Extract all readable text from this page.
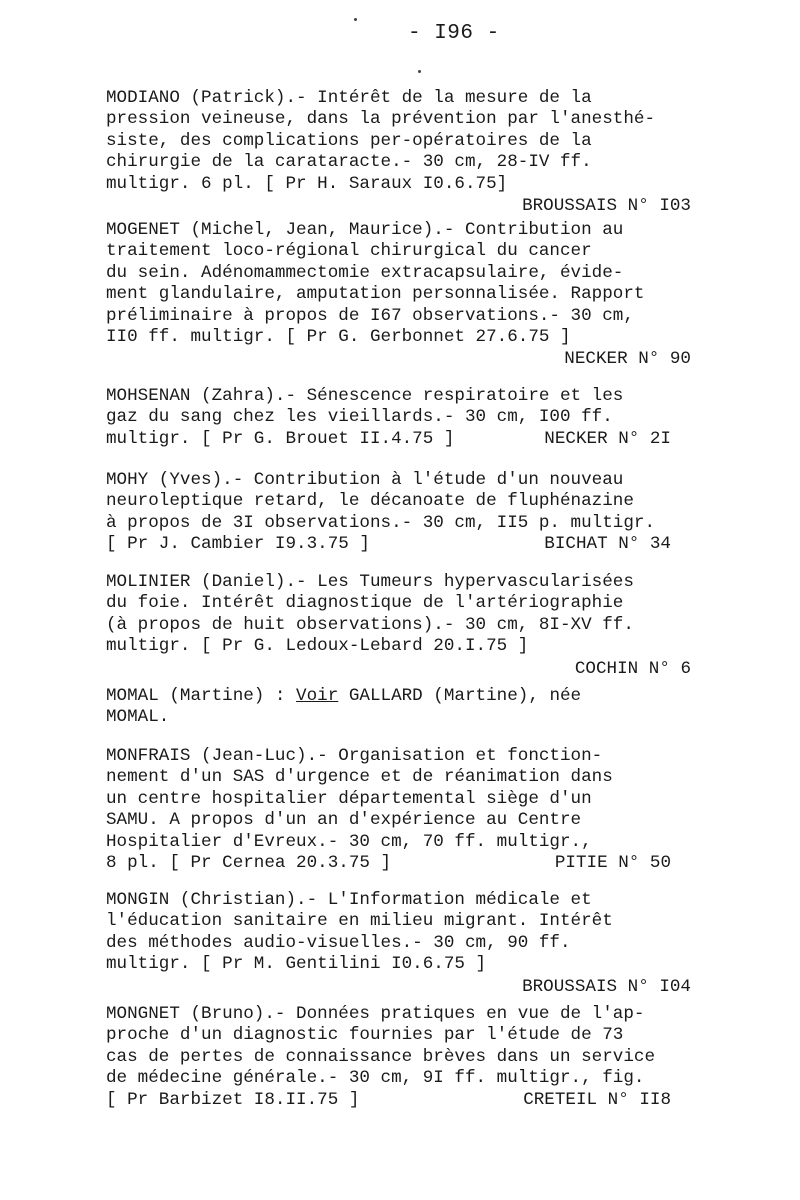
- I96 -
MODIANO (Patrick).- Intérêt de la mesure de la
pression veineuse, dans la prévention par l'anesthé-
siste, des complications per-opératoires de la
chirurgie de la carataracte.- 30 cm, 28-IV ff.
multigr. 6 pl. [ Pr H. Saraux I0.6.75]
BROUSSAIS N° I03
MOGENET (Michel, Jean, Maurice).- Contribution au
traitement loco-régional chirurgical du cancer
du sein. Adénomammectomie extracapsulaire, évide-
ment glandulaire, amputation personnalisée. Rapport
préliminaire à propos de I67 observations.- 30 cm,
II0 ff. multigr. [ Pr G. Gerbonnet 27.6.75 ]
NECKER N° 90
MOHSENAN (Zahra).- Sénescence respiratoire et les
gaz du sang chez les vieillards.- 30 cm, I00 ff.
multigr. [ Pr G. Brouet II.4.75 ]	NECKER N° 2I
MOHY (Yves).- Contribution à l'étude d'un nouveau
neuroleptique retard, le décanoate de fluphénazine
à propos de 3I observations.- 30 cm, II5 p. multigr.
[ Pr J. Cambier I9.3.75 ]	BICHAT N° 34
MOLINIER (Daniel).- Les Tumeurs hypervascularisées
du foie. Intérêt diagnostique de l'artériographie
(à propos de huit observations).- 30 cm, 8I-XV ff.
multigr. [ Pr G. Ledoux-Lebard 20.I.75 ]
COCHIN N° 6
MOMAL (Martine) : Voir GALLARD (Martine), née
MOMAL.
MONFRAIS (Jean-Luc).- Organisation et fonction-
nement d'un SAS d'urgence et de réanimation dans
un centre hospitalier départemental siège d'un
SAMU. A propos d'un an d'expérience au Centre
Hospitalier d'Evreux.- 30 cm, 70 ff. multigr.,
8 pl. [ Pr Cernea 20.3.75 ]	PITIE N° 50
MONGIN (Christian).- L'Information médicale et
l'éducation sanitaire en milieu migrant. Intérêt
des méthodes audio-visuelles.- 30 cm, 90 ff.
multigr. [ Pr M. Gentilini I0.6.75 ]
BROUSSAIS N° I04
MONGNET (Bruno).- Données pratiques en vue de l'ap-
proche d'un diagnostic fournies par l'étude de 73
cas de pertes de connaissance brèves dans un service
de médecine générale.- 30 cm, 9I ff. multigr., fig.
[ Pr Barbizet I8.II.75 ]	CRETEIL N° II8
